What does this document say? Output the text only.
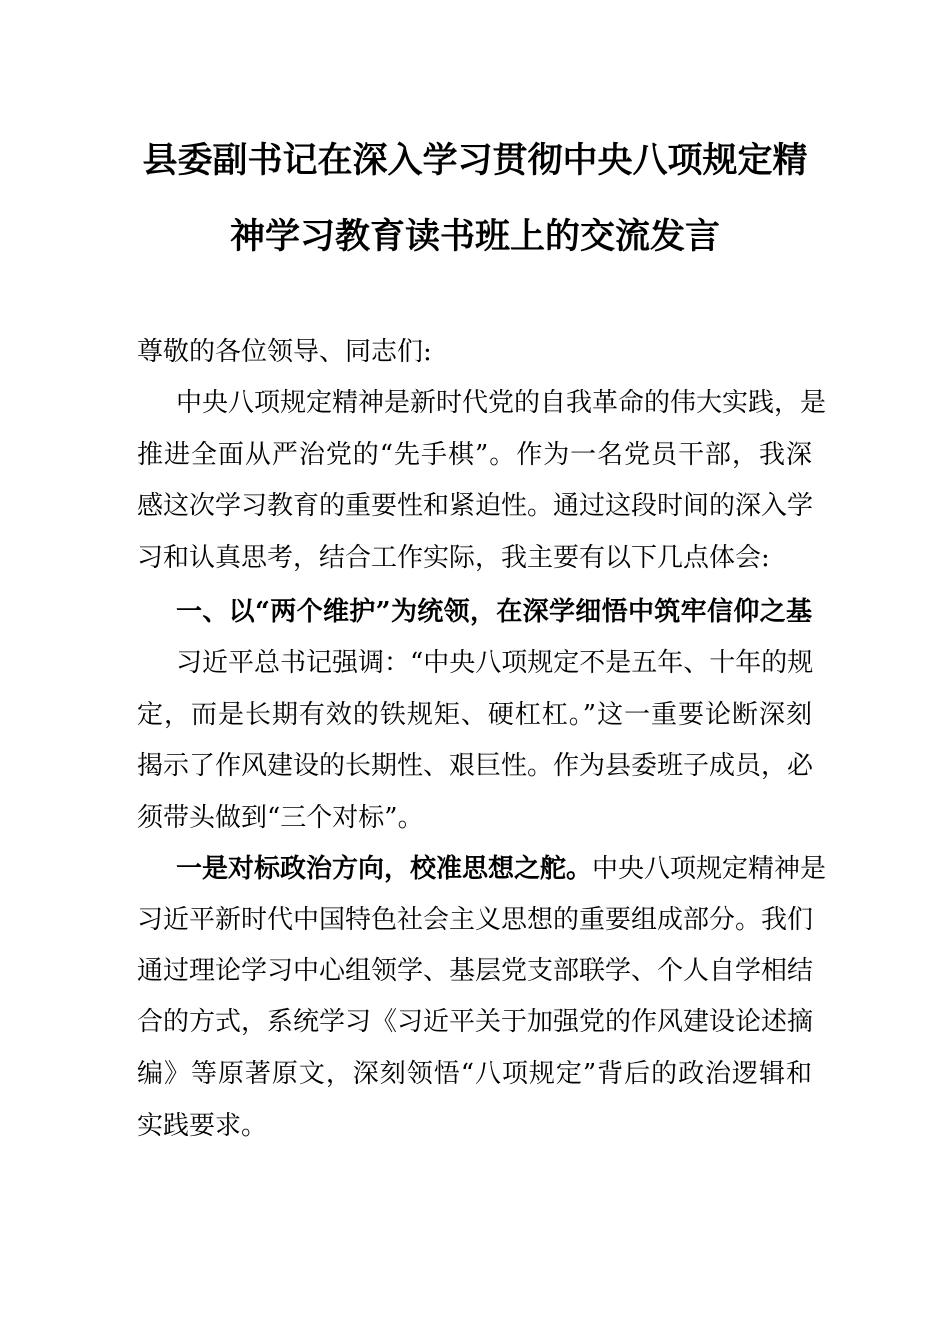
县委副书记在深入学习贯彻中央八项规定精
神学习教育读书班上的交流发言
尊敬的各位领导、同志们:
中央八项规定精神是新时代党的自我革命的伟大实践，是
推进全面从严治党的“先手棋”。作为一名党员干部，我深
感这次学习教育的重要性和紧迫性。通过这段时间的深入学
习和认真思考，结合工作实际，我主要有以下几点体会:
一、以“两个维护”为统领，在深学细悟中筑牢信仰之基
习近平总书记强调：“中央八项规定不是五年、十年的规
定，而是长期有效的铁规矩、硬杠杠。”这一重要论断深刻
揭示了作风建设的长期性、艰巨性。作为县委班子成员，必
须带头做到“三个对标”。
一是对标政治方向，校准思想之舵。中央八项规定精神是
习近平新时代中国特色社会主义思想的重要组成部分。我们
通过理论学习中心组领学、基层党支部联学、个人自学相结
合的方式，系统学习《习近平关于加强党的作风建设论述摘
编》等原著原文，深刻领悟“八项规定”背后的政治逻辑和
实践要求。
